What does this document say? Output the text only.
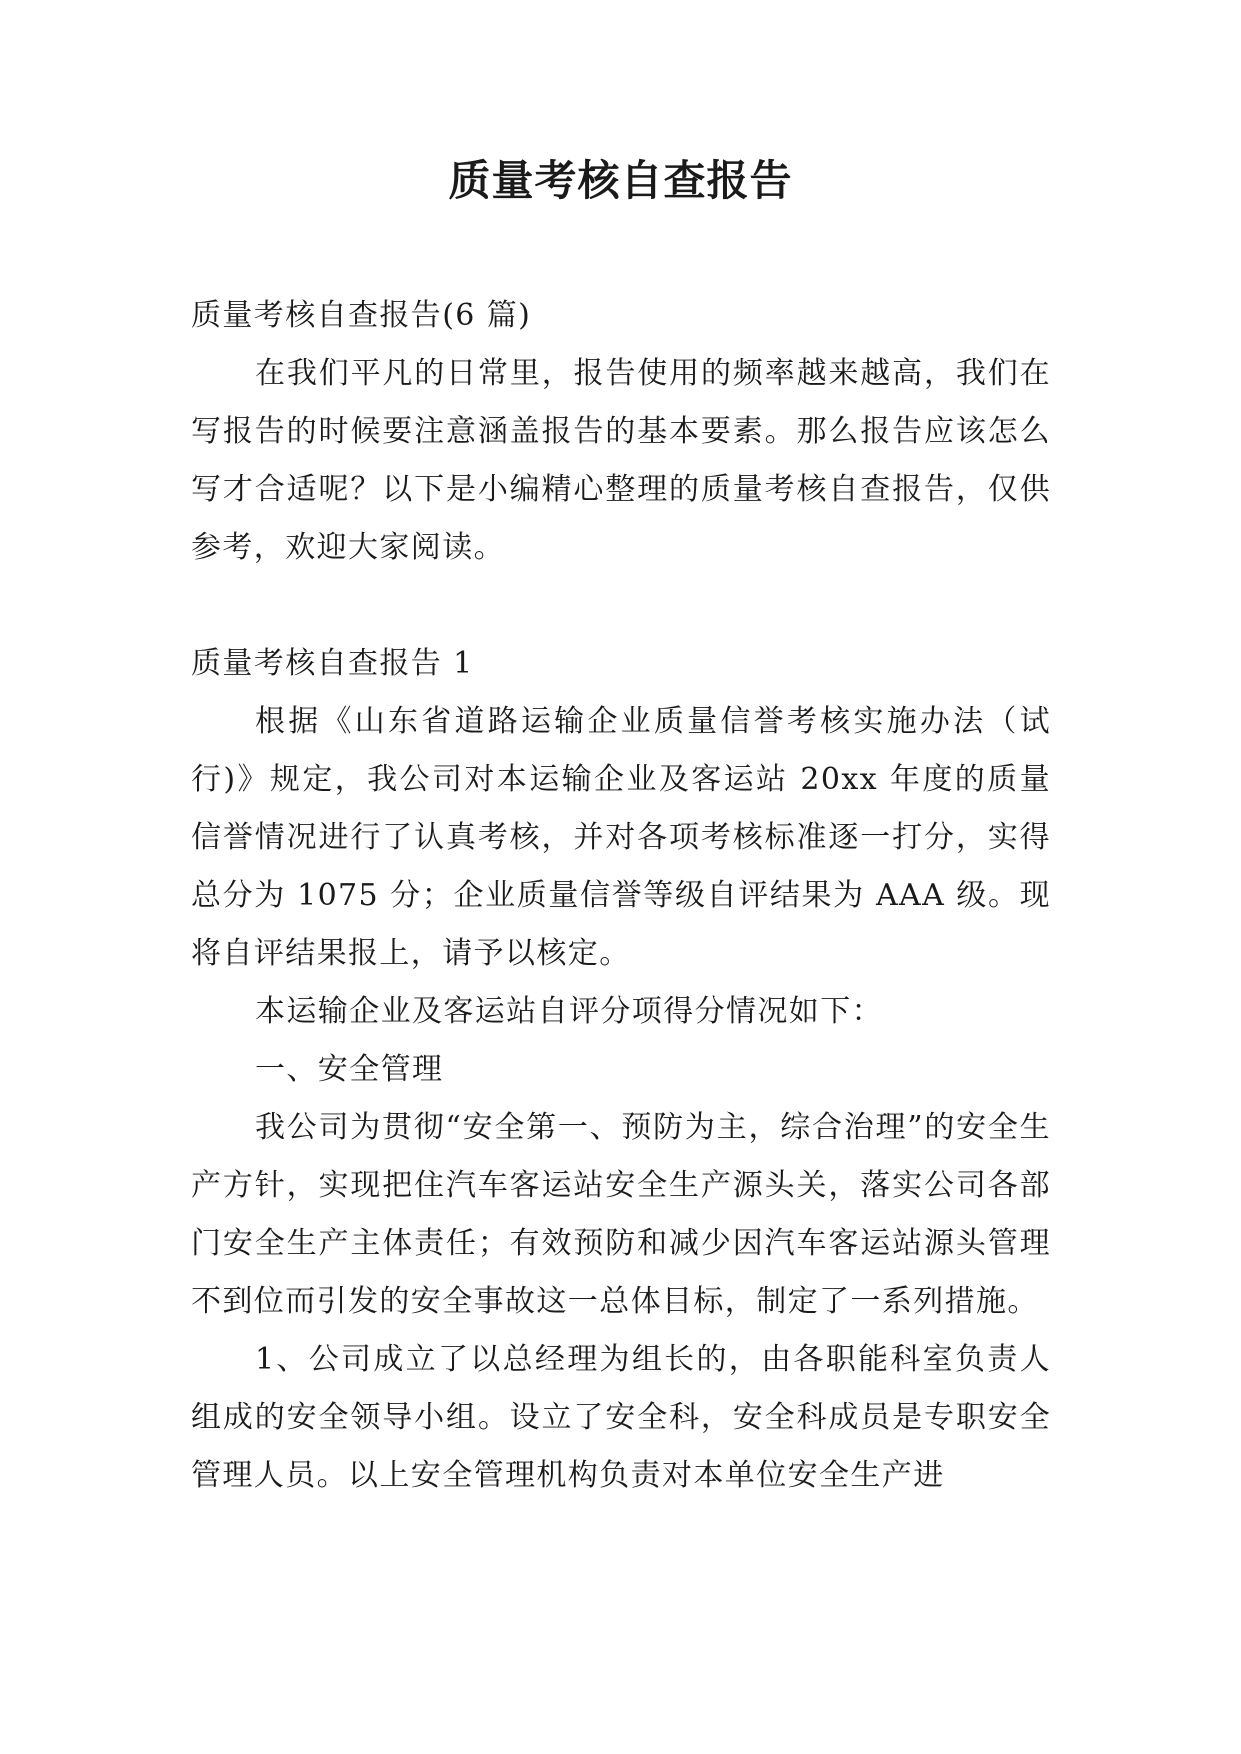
质量考核自查报告

质量考核自查报告(6 篇)

在我们平凡的日常里，报告使用的频率越来越高，我们在写报告的时候要注意涵盖报告的基本要素。那么报告应该怎么写才合适呢？以下是小编精心整理的质量考核自查报告，仅供参考，欢迎大家阅读。

质量考核自查报告 1

根据《山东省道路运输企业质量信誉考核实施办法（试行)》规定，我公司对本运输企业及客运站 20xx 年度的质量信誉情况进行了认真考核，并对各项考核标准逐一打分，实得总分为 1075 分；企业质量信誉等级自评结果为 AAA 级。现将自评结果报上，请予以核定。

本运输企业及客运站自评分项得分情况如下：

一、安全管理

我公司为贯彻“安全第一、预防为主，综合治理”的安全生产方针，实现把住汽车客运站安全生产源头关，落实公司各部门安全生产主体责任；有效预防和减少因汽车客运站源头管理不到位而引发的安全事故这一总体目标，制定了一系列措施。

1、公司成立了以总经理为组长的，由各职能科室负责人组成的安全领导小组。设立了安全科，安全科成员是专职安全管理人员。以上安全管理机构负责对本单位安全生产进
